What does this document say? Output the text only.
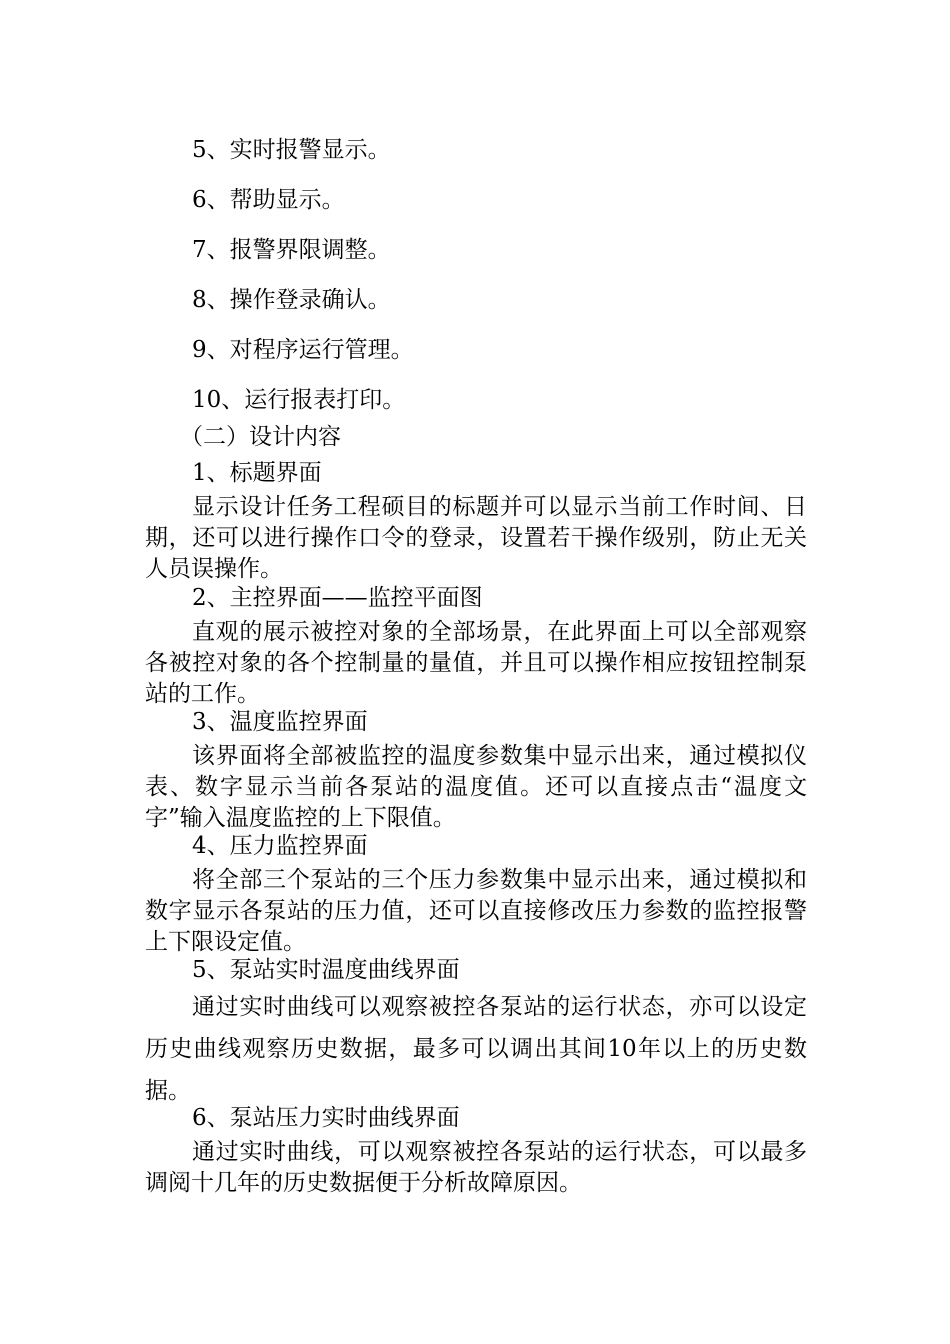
5、实时报警显示。

6、帮助显示。

7、报警界限调整。

8、操作登录确认。

9、对程序运行管理。

10、运行报表打印。

（二）设计内容

1、标题界面

显示设计任务工程硕目的标题并可以显示当前工作时间、日期，还可以进行操作口令的登录，设置若干操作级别，防止无关人员误操作。

2、主控界面——监控平面图

直观的展示被控对象的全部场景，在此界面上可以全部观察各被控对象的各个控制量的量值，并且可以操作相应按钮控制泵站的工作。

3、温度监控界面

该界面将全部被监控的温度参数集中显示出来，通过模拟仪表、数字显示当前各泵站的温度值。还可以直接点击“温度文字”输入温度监控的上下限值。

4、压力监控界面

将全部三个泵站的三个压力参数集中显示出来，通过模拟和数字显示各泵站的压力值，还可以直接修改压力参数的监控报警上下限设定值。

5、泵站实时温度曲线界面

通过实时曲线可以观察被控各泵站的运行状态，亦可以设定历史曲线观察历史数据，最多可以调出其间10年以上的历史数据。

6、泵站压力实时曲线界面

通过实时曲线，可以观察被控各泵站的运行状态，可以最多调阅十几年的历史数据便于分析故障原因。
